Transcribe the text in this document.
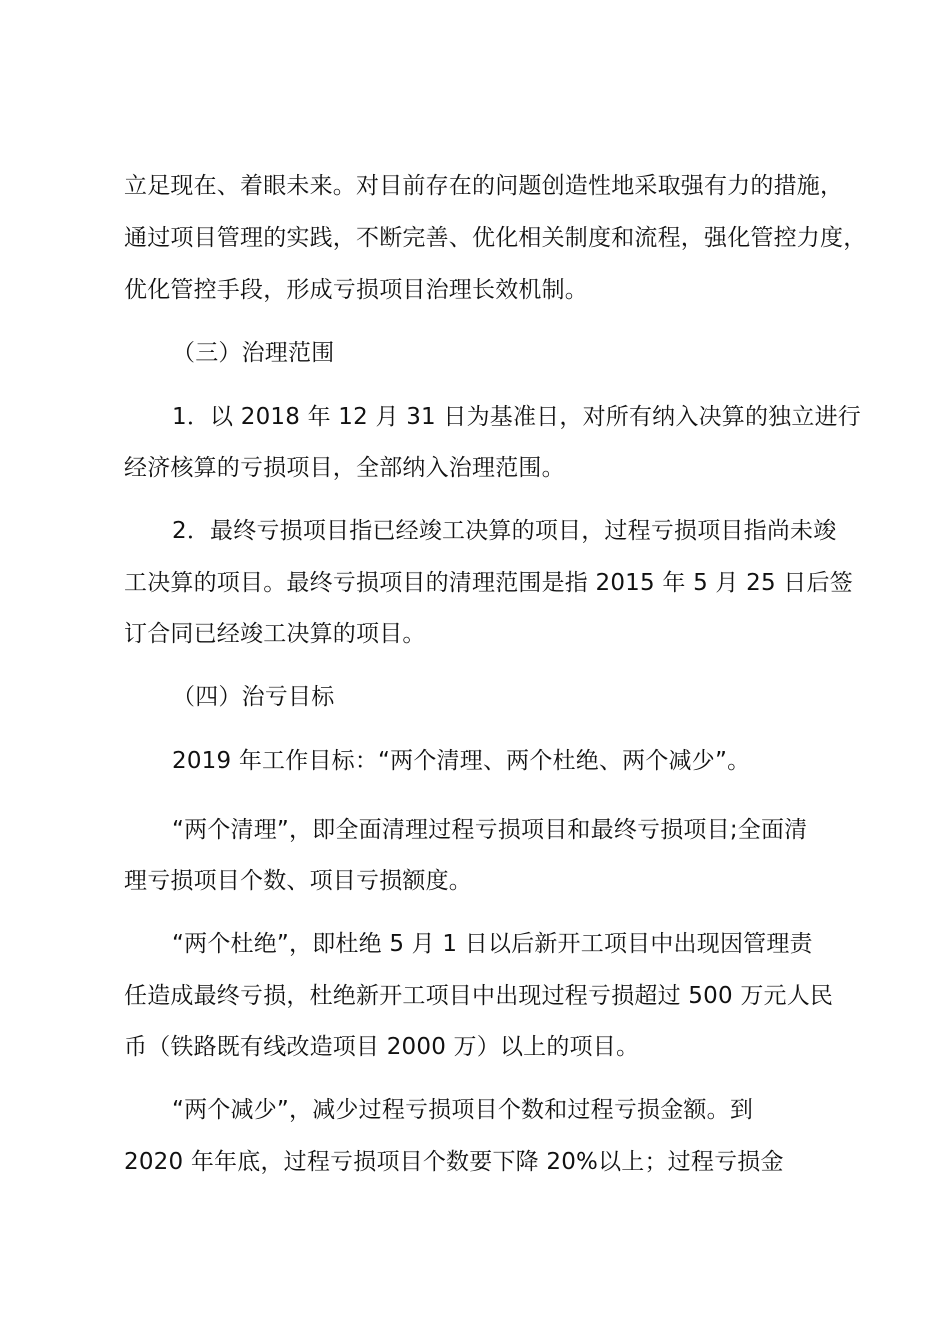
立足现在、着眼未来。对目前存在的问题创造性地采取强有力的措施，
通过项目管理的实践，不断完善、优化相关制度和流程，强化管控力度，
优化管控手段，形成亏损项目治理长效机制。
（三）治理范围
1．以 2018 年 12 月 31 日为基准日，对所有纳入决算的独立进行
经济核算的亏损项目，全部纳入治理范围。
2．最终亏损项目指已经竣工决算的项目，过程亏损项目指尚未竣
工决算的项目。最终亏损项目的清理范围是指 2015 年 5 月 25 日后签
订合同已经竣工决算的项目。
（四）治亏目标
2019 年工作目标：“两个清理、两个杜绝、两个减少”。
“两个清理”，即全面清理过程亏损项目和最终亏损项目;全面清
理亏损项目个数、项目亏损额度。
“两个杜绝”，即杜绝 5 月 1 日以后新开工项目中出现因管理责
任造成最终亏损，杜绝新开工项目中出现过程亏损超过 500 万元人民
币（铁路既有线改造项目 2000 万）以上的项目。
“两个减少”，减少过程亏损项目个数和过程亏损金额。到
2020 年年底，过程亏损项目个数要下降 20%以上；过程亏损金
